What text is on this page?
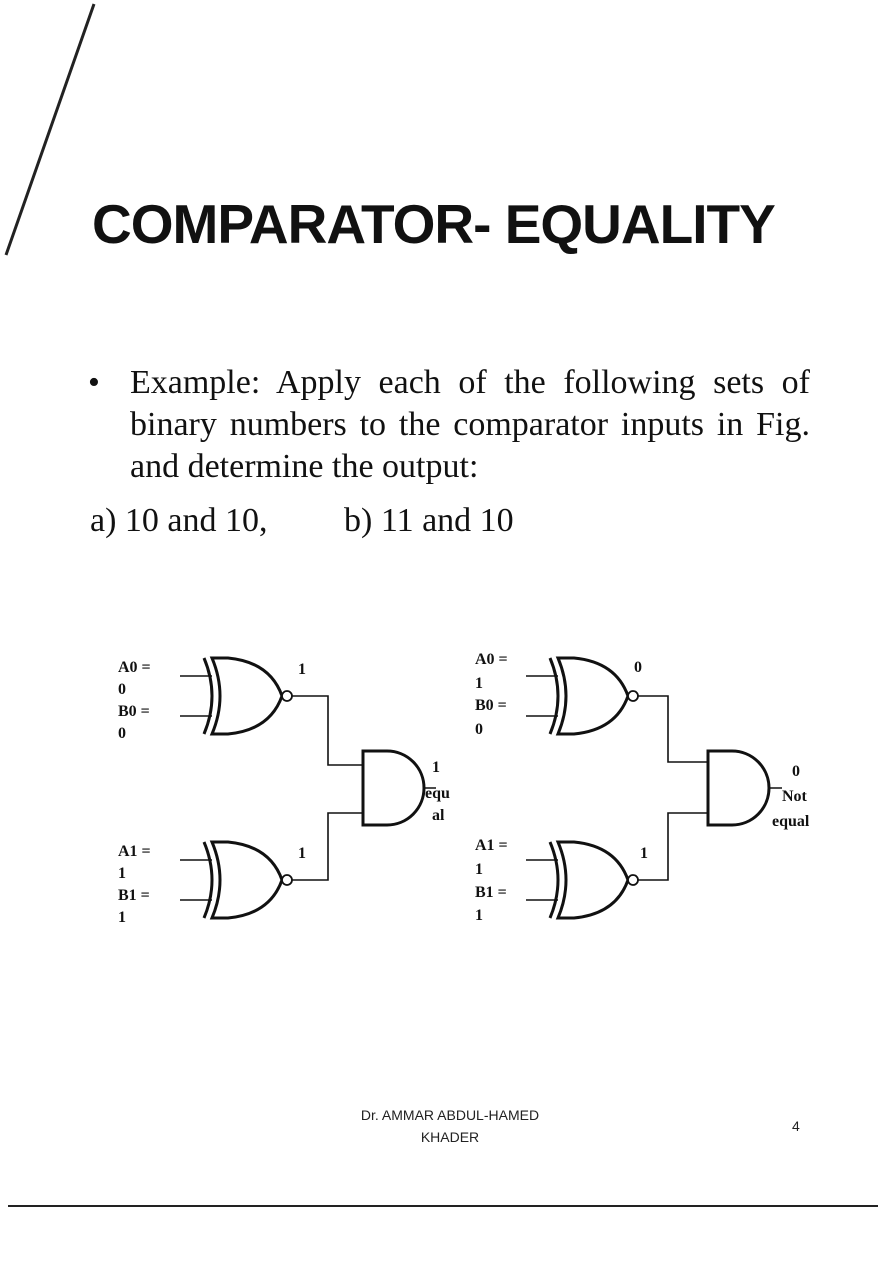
COMPARATOR- EQUALITY
• Example: Apply each of the following sets of binary numbers to the comparator inputs in Fig. and determine the output:
a) 10 and 10, b) 11 and 10
A0 =
0
B0 =
0
A1 =
1
B1 =
1
1
1
1
equ
al
A0 =
1
B0 =
0
A1 =
1
B1 =
1
0
1
0
Not
equal
Dr. AMMAR ABDUL-HAMED
KHADER
4
